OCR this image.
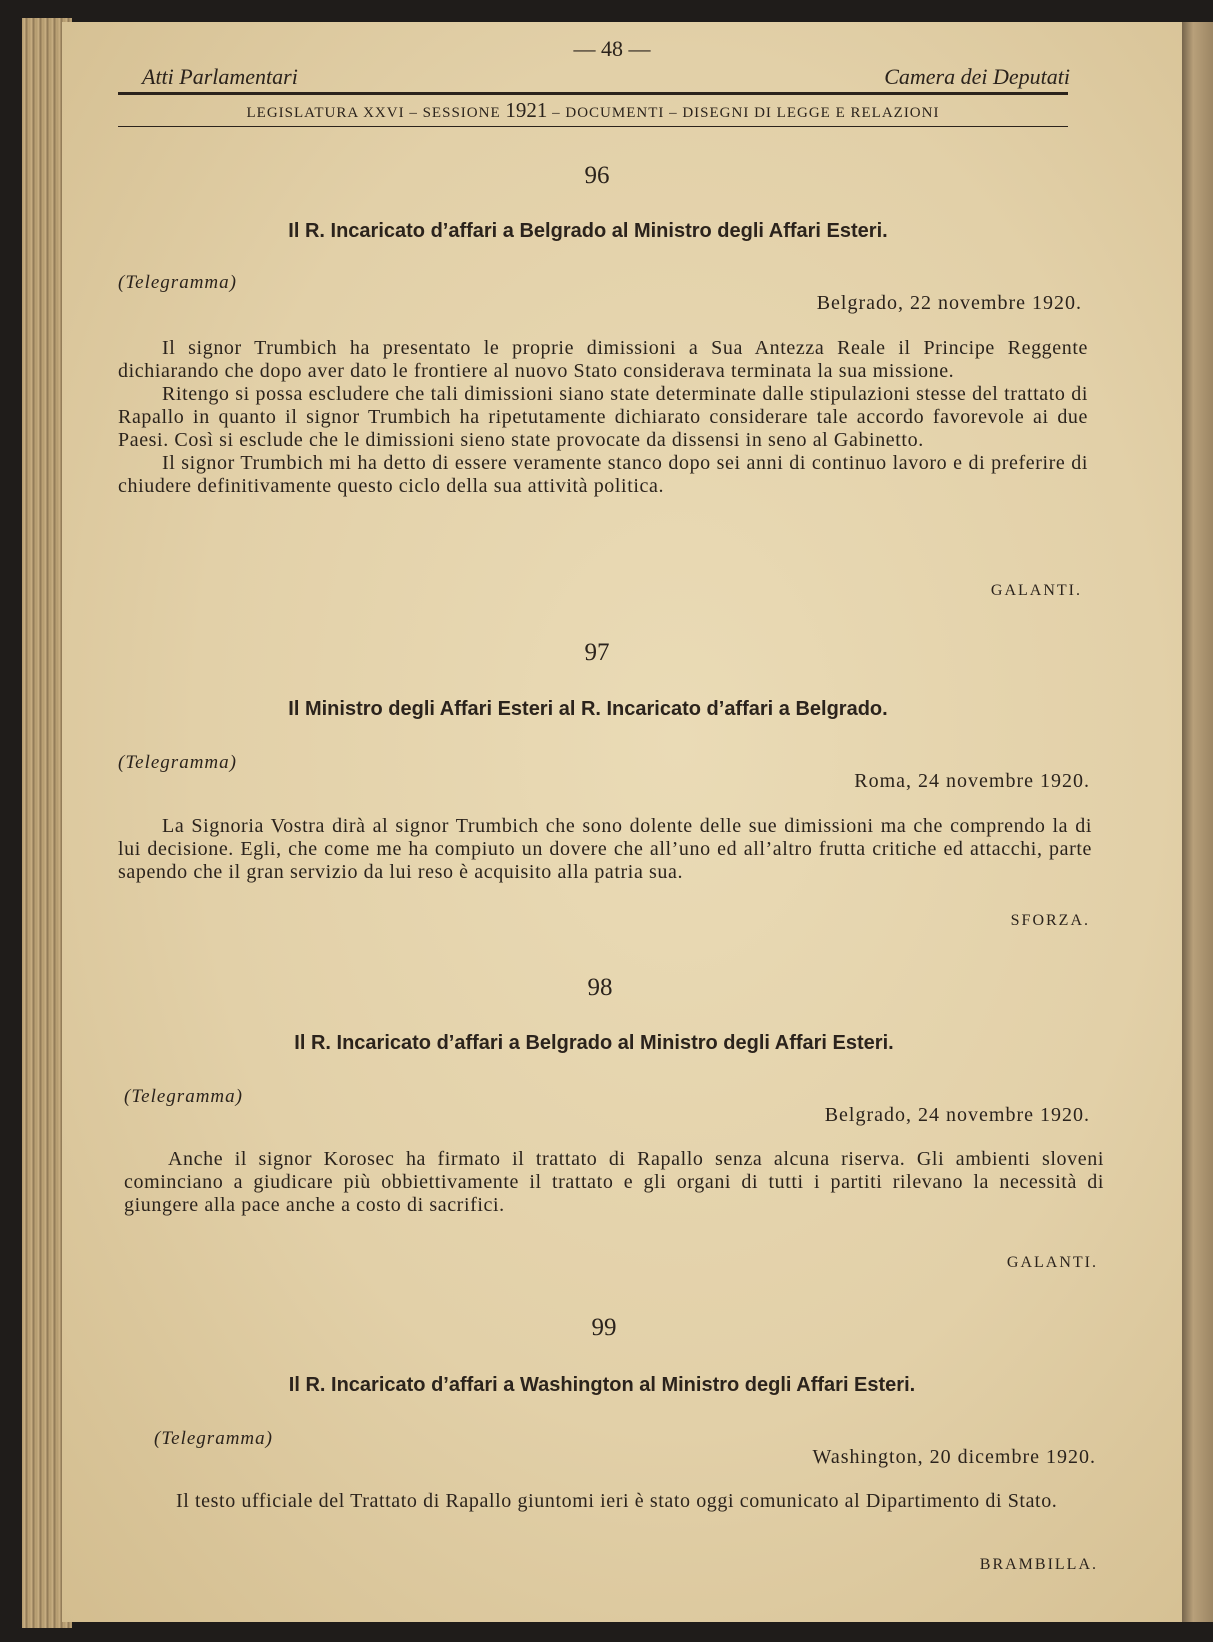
— 48 —
Atti Parlamentari	Camera dei Deputati
LEGISLATURA XXVI – SESSIONE 1921 – DOCUMENTI – DISEGNI DI LEGGE E RELAZIONI
96
Il R. Incaricato d’affari a Belgrado al Ministro degli Affari Esteri.
(Telegramma)
Belgrado, 22 novembre 1920.

Il signor Trumbich ha presentato le proprie dimissioni a Sua Antezza Reale il Principe Reggente dichiarando che dopo aver dato le frontiere al nuovo Stato considerava terminata la sua missione.

Ritengo si possa escludere che tali dimissioni siano state determinate dalle stipulazioni stesse del trattato di Rapallo in quanto il signor Trumbich ha ripetutamente dichiarato considerare tale accordo favorevole ai due Paesi. Così si esclude che le dimissioni sieno state provocate da dissensi in seno al Gabinetto.

Il signor Trumbich mi ha detto di essere veramente stanco dopo sei anni di continuo lavoro e di preferire di chiudere definitivamente questo ciclo della sua attività politica.

GALANTI.
97
Il Ministro degli Affari Esteri al R. Incaricato d’affari a Belgrado.
(Telegramma)
Roma, 24 novembre 1920.

La Signoria Vostra dirà al signor Trumbich che sono dolente delle sue dimissioni ma che comprendo la di lui decisione. Egli, che come me ha compiuto un dovere che all’uno ed all’altro frutta critiche ed attacchi, parte sapendo che il gran servizio da lui reso è acquisito alla patria sua.

SFORZA.
98
Il R. Incaricato d’affari a Belgrado al Ministro degli Affari Esteri.
(Telegramma)
Belgrado, 24 novembre 1920.

Anche il signor Korosec ha firmato il trattato di Rapallo senza alcuna riserva. Gli ambienti sloveni cominciano a giudicare più obbiettivamente il trattato e gli organi di tutti i partiti rilevano la necessità di giungere alla pace anche a costo di sacrifici.

GALANTI.
99
Il R. Incaricato d’affari a Washington al Ministro degli Affari Esteri.
(Telegramma)
Washington, 20 dicembre 1920.

Il testo ufficiale del Trattato di Rapallo giuntomi ieri è stato oggi comunicato al Dipartimento di Stato.

BRAMBILLA.
